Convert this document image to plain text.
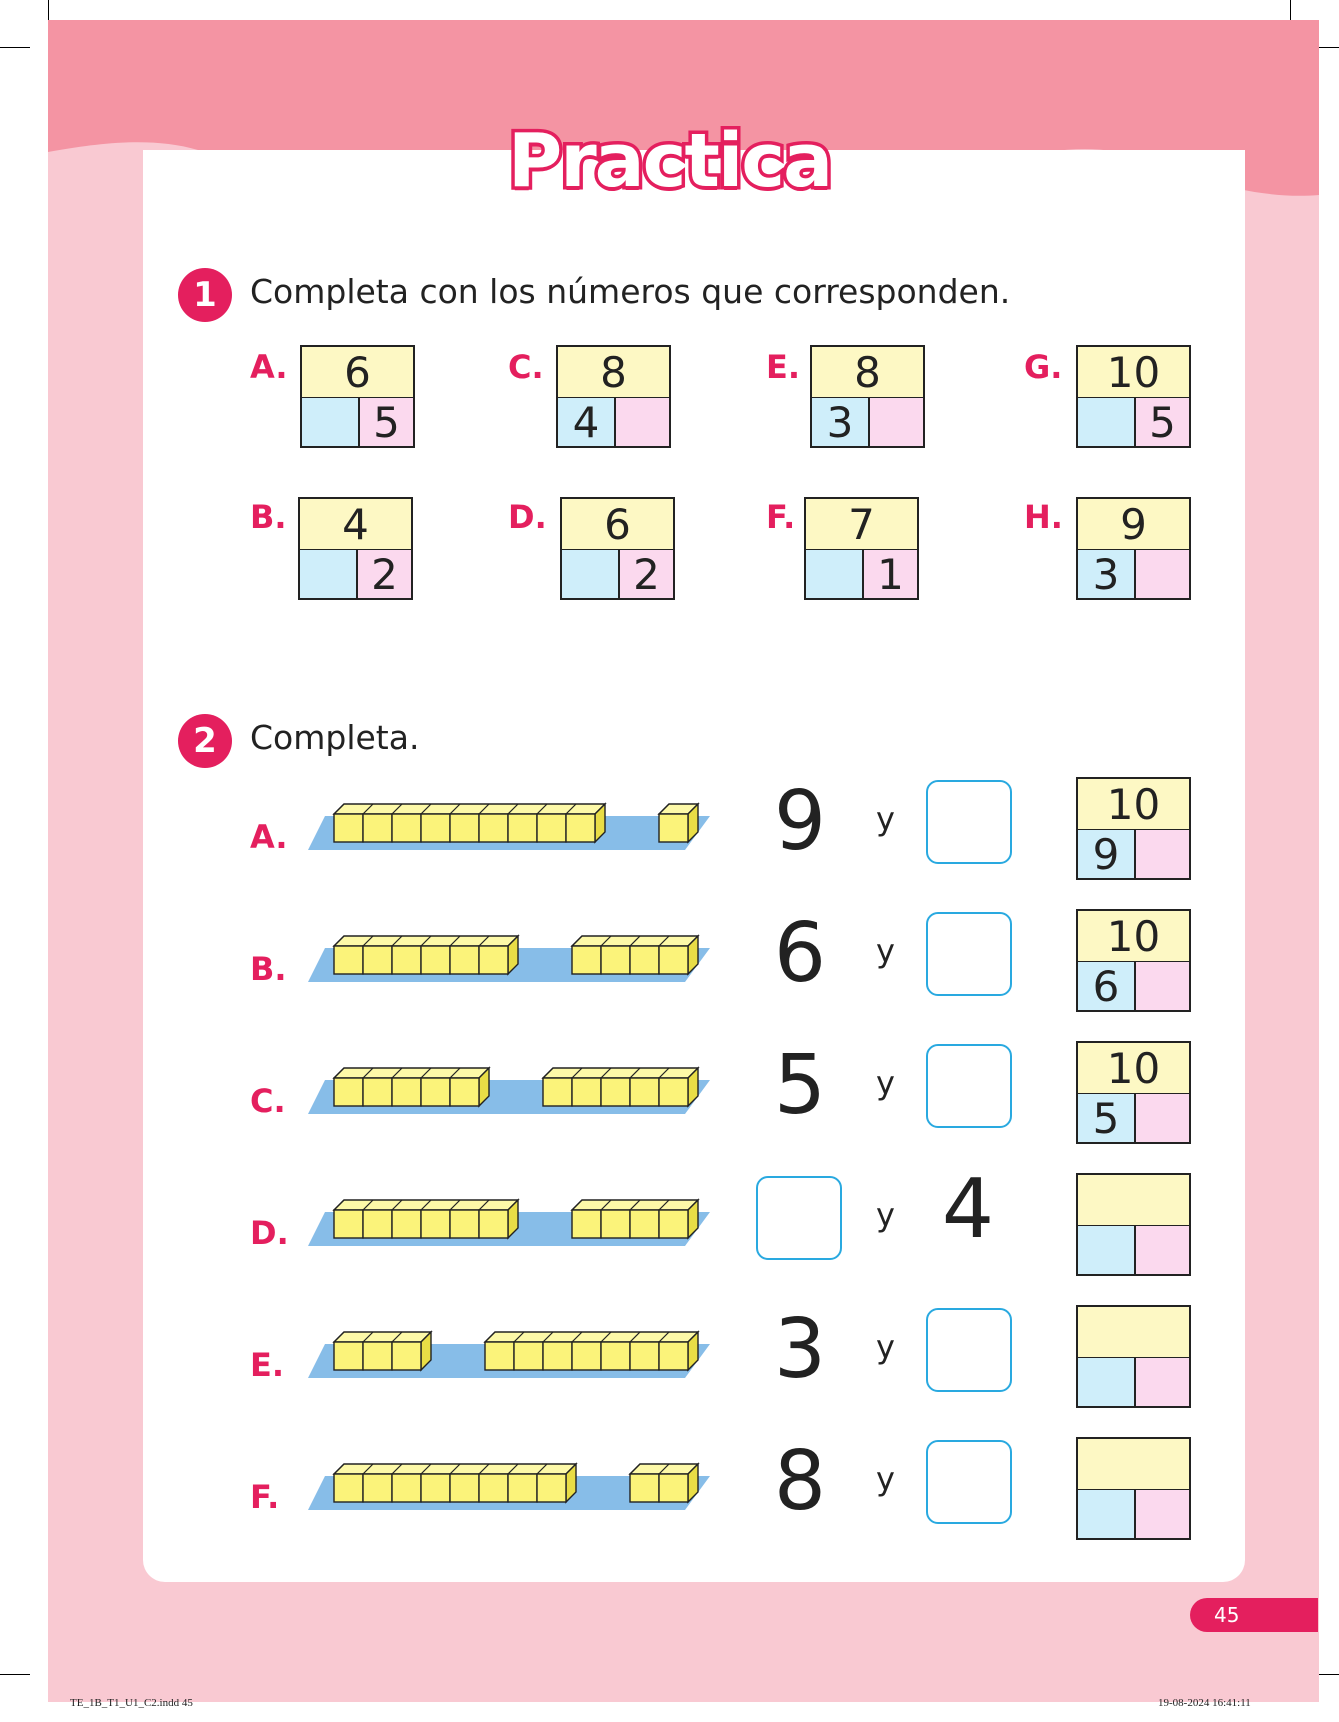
Practica
1	Completa con los números que corresponden.
A.	6
5
B.	4
2
C.	8
4
D.	6
2
E.	8
3
F.	7
1
G.	10
5
H.	9
3
2	Completa.
A.	9	y	10
9
B.	6	y	10
6
C.	5	y	10
5
D.	y 4
E.	3	y
F.	8	y
45
TE_1B_T1_U1_C2.indd 45	19-08-2024 16:41:11
